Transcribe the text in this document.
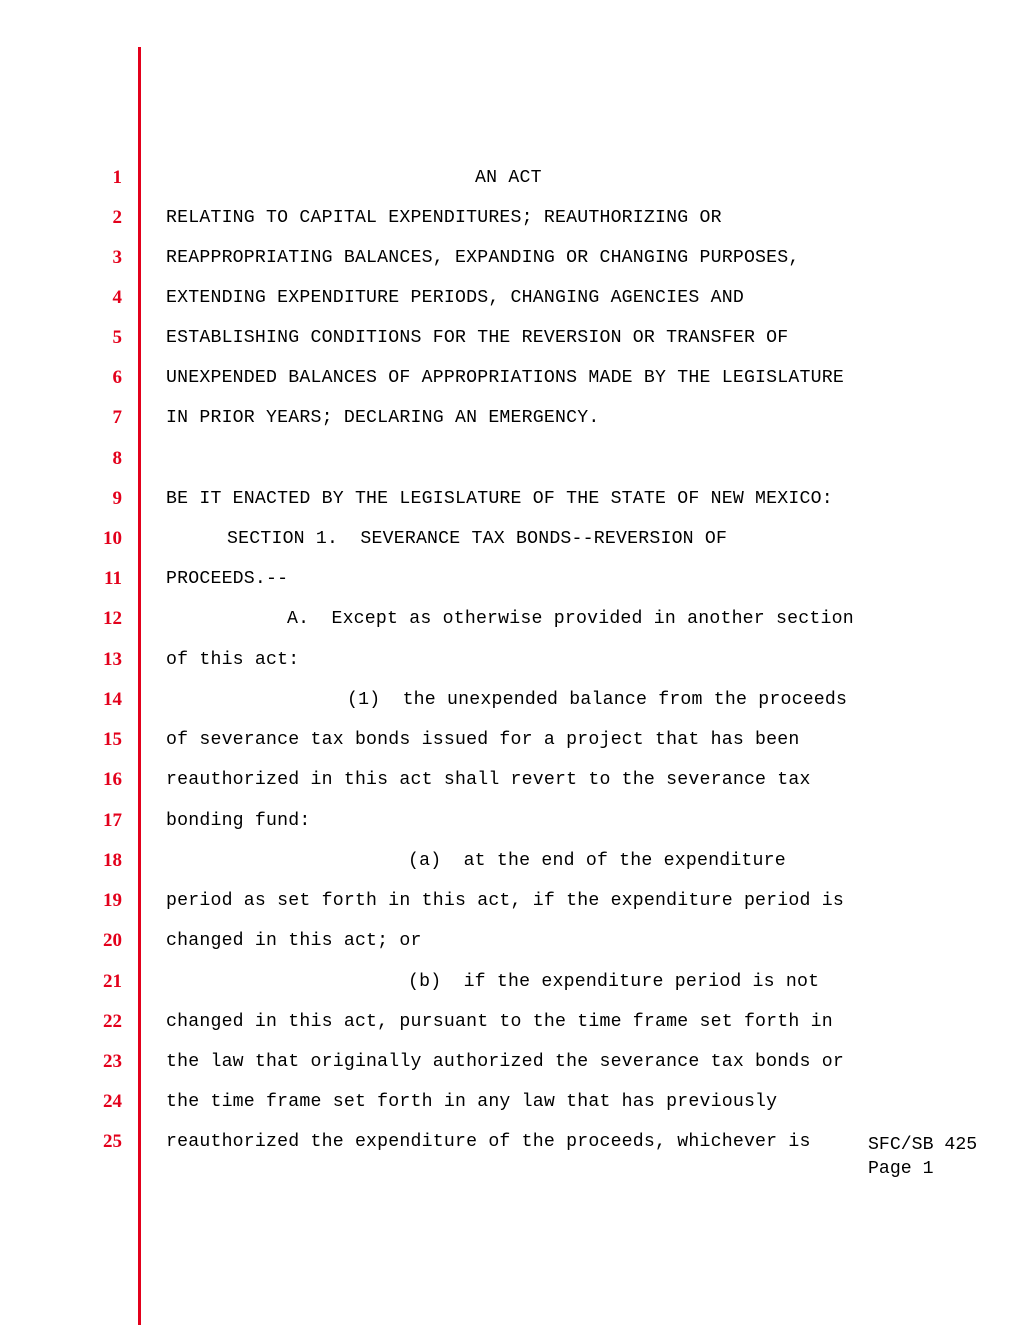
1
2
3
4
5
6
7
8
9
10
11
12
13
14
15
16
17
18
19
20
21
22
23
24
25
AN ACT
RELATING TO CAPITAL EXPENDITURES; REAUTHORIZING OR
REAPPROPRIATING BALANCES, EXPANDING OR CHANGING PURPOSES,
EXTENDING EXPENDITURE PERIODS, CHANGING AGENCIES AND
ESTABLISHING CONDITIONS FOR THE REVERSION OR TRANSFER OF
UNEXPENDED BALANCES OF APPROPRIATIONS MADE BY THE LEGISLATURE
IN PRIOR YEARS; DECLARING AN EMERGENCY.
BE IT ENACTED BY THE LEGISLATURE OF THE STATE OF NEW MEXICO:
SECTION 1.  SEVERANCE TAX BONDS--REVERSION OF
PROCEEDS.--
A.  Except as otherwise provided in another section
of this act:
(1)  the unexpended balance from the proceeds
of severance tax bonds issued for a project that has been
reauthorized in this act shall revert to the severance tax
bonding fund:
(a)  at the end of the expenditure
period as set forth in this act, if the expenditure period is
changed in this act; or
(b)  if the expenditure period is not
changed in this act, pursuant to the time frame set forth in
the law that originally authorized the severance tax bonds or
the time frame set forth in any law that has previously
reauthorized the expenditure of the proceeds, whichever is	SFC/SB 425
Page 1
